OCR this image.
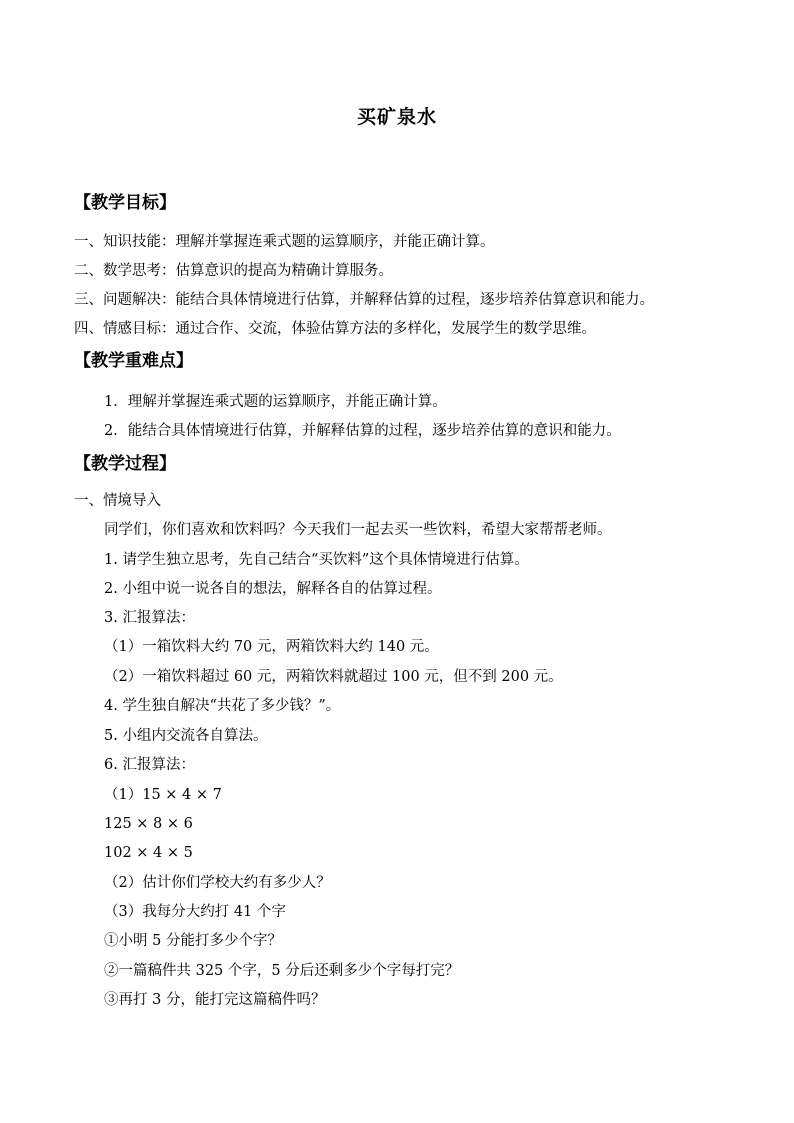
买矿泉水
【教学目标】
一、知识技能：理解并掌握连乘式题的运算顺序，并能正确计算。
二、数学思考：估算意识的提高为精确计算服务。
三、问题解决：能结合具体情境进行估算，并解释估算的过程，逐步培养估算意识和能力。
四、情感目标：通过合作、交流，体验估算方法的多样化，发展学生的数学思维。
【教学重难点】
1．理解并掌握连乘式题的运算顺序，并能正确计算。
2．能结合具体情境进行估算，并解释估算的过程，逐步培养估算的意识和能力。
【教学过程】
一、情境导入
同学们，你们喜欢和饮料吗？今天我们一起去买一些饮料，希望大家帮帮老师。
1. 请学生独立思考，先自己结合“买饮料”这个具体情境进行估算。
2. 小组中说一说各自的想法，解释各自的估算过程。
3. 汇报算法：
（1）一箱饮料大约 70 元，两箱饮料大约 140 元。
（2）一箱饮料超过 60 元，两箱饮料就超过 100 元，但不到 200 元。
4. 学生独自解决“共花了多少钱？”。
5. 小组内交流各自算法。
6. 汇报算法：
（1）15 × 4 × 7
125 × 8 × 6
102 × 4 × 5
（2）估计你们学校大约有多少人？
（3）我每分大约打 41 个字
①小明 5 分能打多少个字？
②一篇稿件共 325 个字，5 分后还剩多少个字每打完？
③再打 3 分，能打完这篇稿件吗？
